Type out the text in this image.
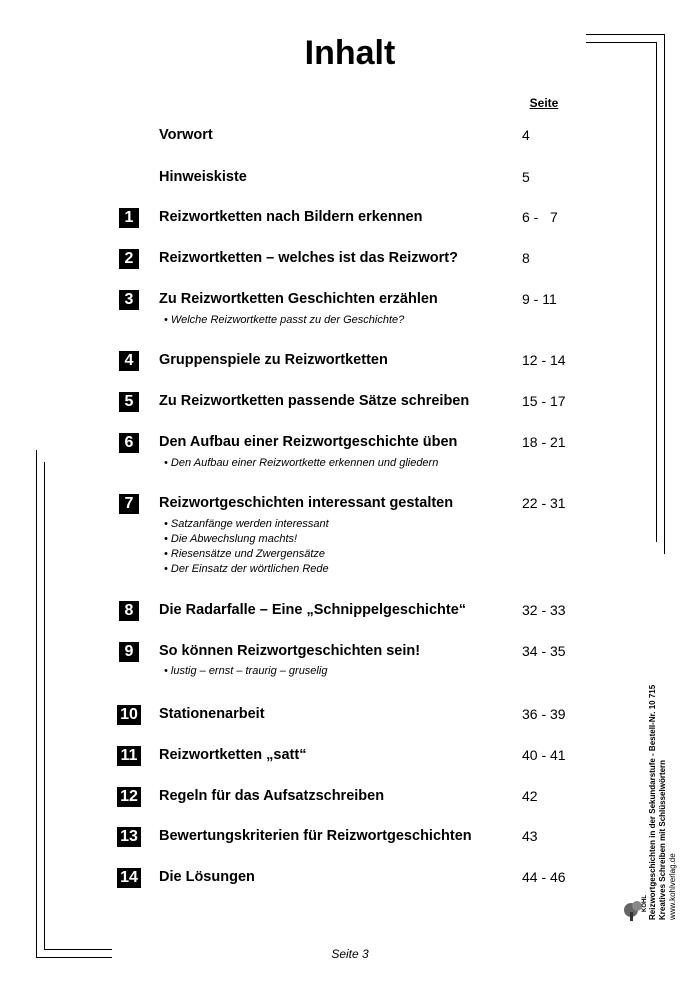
Inhalt
Seite
Vorwort	4
Hinweiskiste	5
1	Reizwortketten nach Bildern erkennen	6 -   7
2	Reizwortketten – welches ist das Reizwort?	8
3	Zu Reizwortketten Geschichten erzählen	9 - 11
• Welche Reizwortkette passt zu der Geschichte?
4	Gruppenspiele zu Reizwortketten	12 - 14
5	Zu Reizwortketten passende Sätze schreiben	15 - 17
6	Den Aufbau einer Reizwortgeschichte üben	18 - 21
• Den Aufbau einer Reizwortkette erkennen und gliedern
7	Reizwortgeschichten interessant gestalten	22 - 31
• Satzanfänge werden interessant
• Die Abwechslung machts!
• Riesensätze und Zwergensätze
• Der Einsatz der wörtlichen Rede
8	Die Radarfalle – Eine „Schnippelgeschichte“	32 - 33
9	So können Reizwortgeschichten sein!	34 - 35
• lustig – ernst – traurig – gruselig
10 Stationenarbeit	36 - 39
11 Reizwortketten „satt“	40 - 41
12 Regeln für das Aufsatzschreiben	42
13 Bewertungskriterien für Reizwortgeschichten	43
14 Die Lösungen	44 - 46
Seite 3
Reizwortgeschichten in der Sekundarstufe - Bestell-Nr. 10 715 Kreatives Schreiben mit Schlüsselwörtern www.kohlverlag.de
KOHL
